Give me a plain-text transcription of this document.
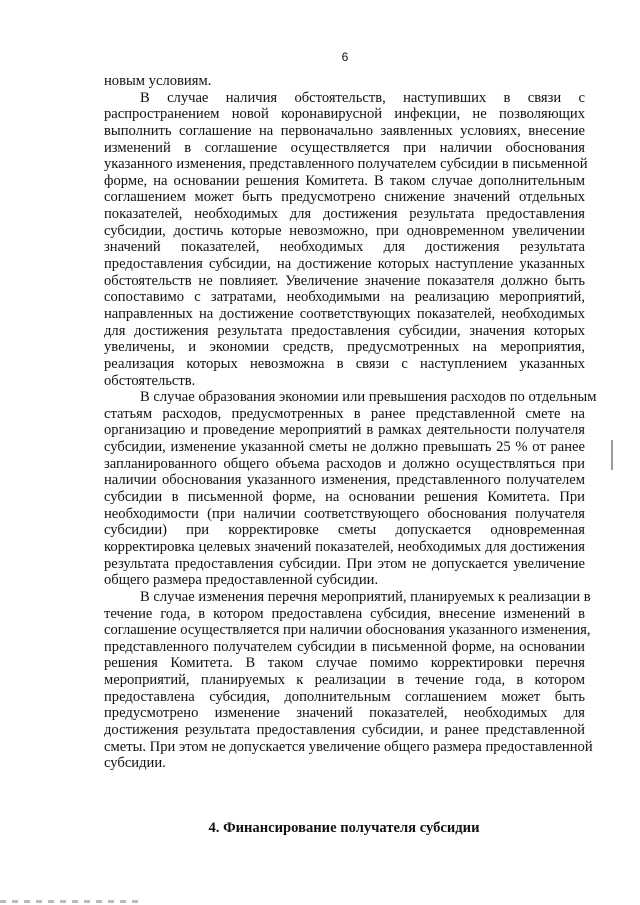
6
новым условиям.
В случае наличия обстоятельств, наступивших в связи с
распространением новой коронавирусной инфекции, не позволяющих
выполнить соглашение на первоначально заявленных условиях, внесение
изменений в соглашение осуществляется при наличии обоснования
указанного изменения, представленного получателем субсидии в письменной
форме, на основании решения Комитета. В таком случае дополнительным
соглашением может быть предусмотрено снижение значений отдельных
показателей, необходимых для достижения результата предоставления
субсидии, достичь которые невозможно, при одновременном увеличении
значений показателей, необходимых для достижения результата
предоставления субсидии, на достижение которых наступление указанных
обстоятельств не повлияет. Увеличение значение показателя должно быть
сопоставимо с затратами, необходимыми на реализацию мероприятий,
направленных на достижение соответствующих показателей, необходимых
для достижения результата предоставления субсидии, значения которых
увеличены, и экономии средств, предусмотренных на мероприятия,
реализация которых невозможна в связи с наступлением указанных
обстоятельств.
В случае образования экономии или превышения расходов по отдельным
статьям расходов, предусмотренных в ранее представленной смете на
организацию и проведение мероприятий в рамках деятельности получателя
субсидии, изменение указанной сметы не должно превышать 25 % от ранее
запланированного общего объема расходов и должно осуществляться при
наличии обоснования указанного изменения, представленного получателем
субсидии в письменной форме, на основании решения Комитета. При
необходимости (при наличии соответствующего обоснования получателя
субсидии) при корректировке сметы допускается одновременная
корректировка целевых значений показателей, необходимых для достижения
результата предоставления субсидии. При этом не допускается увеличение
общего размера предоставленной субсидии.
В случае изменения перечня мероприятий, планируемых к реализации в
течение года, в котором предоставлена субсидия, внесение изменений в
соглашение осуществляется при наличии обоснования указанного изменения,
представленного получателем субсидии в письменной форме, на основании
решения Комитета. В таком случае помимо корректировки перечня
мероприятий, планируемых к реализации в течение года, в котором
предоставлена субсидия, дополнительным соглашением может быть
предусмотрено изменение значений показателей, необходимых для
достижения результата предоставления субсидии, и ранее представленной
сметы. При этом не допускается увеличение общего размера предоставленной
субсидии.
4. Финансирование получателя субсидии
